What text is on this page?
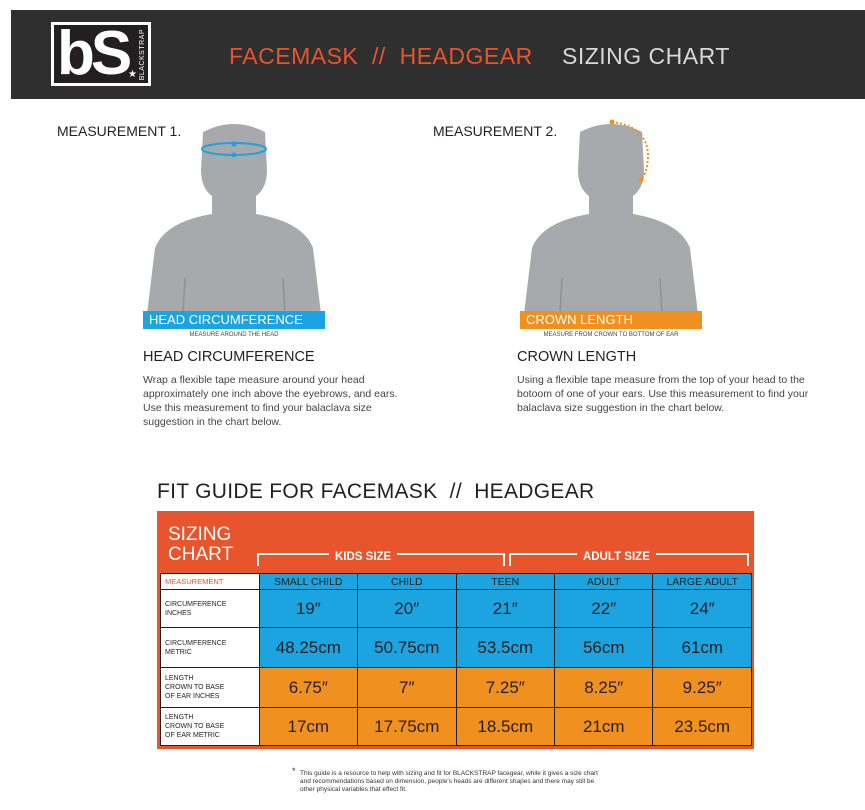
bS BLACKSTRAP
★
FACEMASK  //  HEADGEAR SIZING CHART
MEASUREMENT 1.
HEAD CIRCUMFERENCE
MEASURE AROUND THE HEAD
HEAD CIRCUMFERENCE
Wrap a flexible tape measure around your head approximately one inch above the eyebrows, and ears. Use this measurement to find your balaclava size suggestion in the chart below.
MEASUREMENT 2.
CROWN LENGTH
MEASURE FROM CROWN TO BOTTOM OF EAR
CROWN LENGTH
Using a flexible tape measure from the top of your head to the botoom of one of your ears. Use this measurement to find your balaclava size suggestion in the chart below.
FIT GUIDE FOR FACEMASK  //  HEADGEAR
SIZING
CHART	KIDS SIZE	ADULT SIZE
MEASUREMENT	SMALL CHILD	CHILD	TEEN	ADULT	LARGE ADULT
CIRCUMFERENCE
INCHES	19″	20″	21″	22″	24″
CIRCUMFERENCE
METRIC	48.25cm	50.75cm	53.5cm	56cm	61cm
LENGTH
CROWN TO BASE
OF EAR INCHES	6.75″	7″	7.25″	8.25″	9.25″
LENGTH
CROWN TO BASE
OF EAR METRIC	17cm	17.75cm	18.5cm	21cm	23.5cm
* This guide is a resource to help with sizing and fit for BLACKSTRAP facegear, while it gives a size chart and recommendations based on dimension, people's heads are different shapes and there may still be other physical variables that effect fit.
